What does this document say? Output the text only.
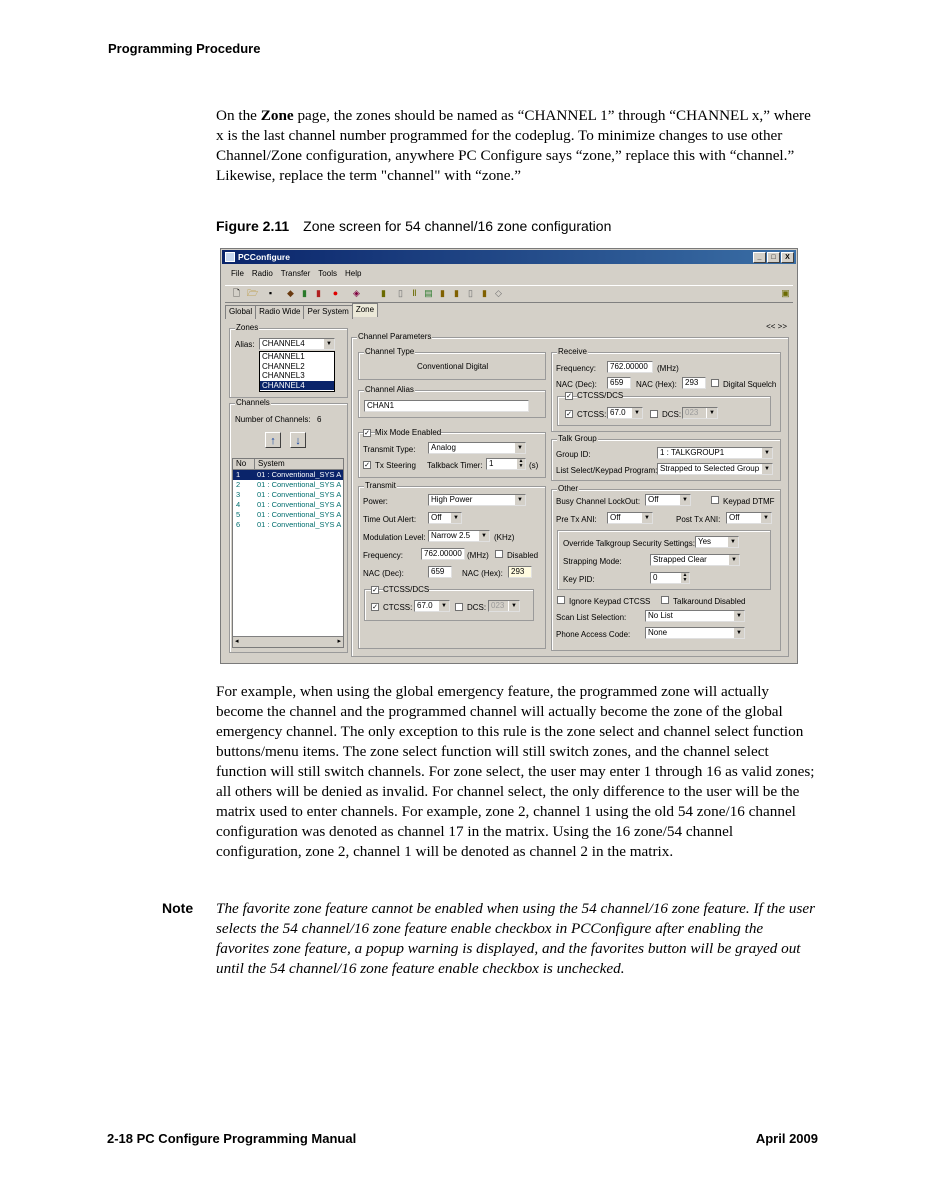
Programming Procedure
On the Zone page, the zones should be named as “CHANNEL 1” through “CHANNEL x,” where x is the last channel number programmed for the codeplug. To minimize changes to use other Channel/Zone configuration, anywhere PC Configure says “zone,” replace this with “channel.” Likewise, replace the term "channel" with “zone.”
Figure 2.11 Zone screen for 54 channel/16 zone configuration
PCConfigure	_	□	X
File Radio Transfer Tools Help
🗋 🗁	▪	◆ ▮	▮	●	◈	▮	▯	Ⅱ ▤ ▮	▮	▯	▮ ◇	▣
Global Radio Wide Per System Zone
<< >>
Zones
Alias: CHANNEL4	▼
CHANNEL1
CHANNEL2
CHANNEL3
CHANNEL4
Channels
Number of Channels: 6
↑	↓
No	System
1	01 : Conventional_SYS A
2	01 : Conventional_SYS A
3	01 : Conventional_SYS A
4	01 : Conventional_SYS A
5	01 : Conventional_SYS A
6	01 : Conventional_SYS A
◂	▸
Channel Parameters
Channel Type
Conventional Digital
Channel Alias
CHAN1
✓ Mix Mode Enabled
Transmit Type:	Analog	▼
✓ Tx Steering Talkback Timer: 1	▲
▼ (s)
Transmit
Power:	High Power	▼
Time Out Alert:	Off	▼
Modulation Level: Narrow 2.5	▼ (KHz)
Frequency:	762.00000 (MHz) Disabled
NAC (Dec):	659	NAC (Hex):	293
✓ CTCSS/DCS
✓ CTCSS: 67.0	▼	DCS: 023	▼
Receive
Frequency:	762.00000	(MHz)
NAC (Dec):	659	NAC (Hex):	293	Digital Squelch
✓ CTCSS/DCS
✓ CTCSS: 67.0	▼	DCS: 023	▼
Talk Group
Group ID:	1 : TALKGROUP1	▼
List Select/Keypad Program: Strapped to Selected Group ▼
Other
Busy Channel LockOut: Off	▼	Keypad DTMF
Pre Tx ANI:	Off	▼	Post Tx ANI:	Off	▼
Override Talkgroup Security Settings: Yes	▼
Strapping Mode:	Strapped Clear	▼
Key PID:	0	▲
▼
Ignore Keypad CTCSS	Talkaround Disabled
Scan List Selection:	No List	▼
Phone Access Code:	None	▼
For example, when using the global emergency feature, the programmed zone will actually become the channel and the programmed channel will actually become the zone of the global emergency channel. The only exception to this rule is the zone select and channel select function buttons/menu items. The zone select function will still switch zones, and the channel select function will still switch channels. For zone select, the user may enter 1 through 16 as valid zones; all others will be denied as invalid. For channel select, the only difference to the user will be the matrix used to enter channels. For example, zone 2, channel 1 using the old 54 zone/16 channel configuration was denoted as channel 17 in the matrix. Using the 16 zone/54 channel configuration, zone 2, channel 1 will be denoted as channel 2 in the matrix.
Note The favorite zone feature cannot be enabled when using the 54 channel/16 zone feature. If the user selects the 54 channel/16 zone feature enable checkbox in PCConfigure after enabling the favorites zone feature, a popup warning is displayed, and the favorites button will be grayed out until the 54 channel/16 zone feature enable checkbox is unchecked.
2-18 PC Configure Programming Manual	April 2009
